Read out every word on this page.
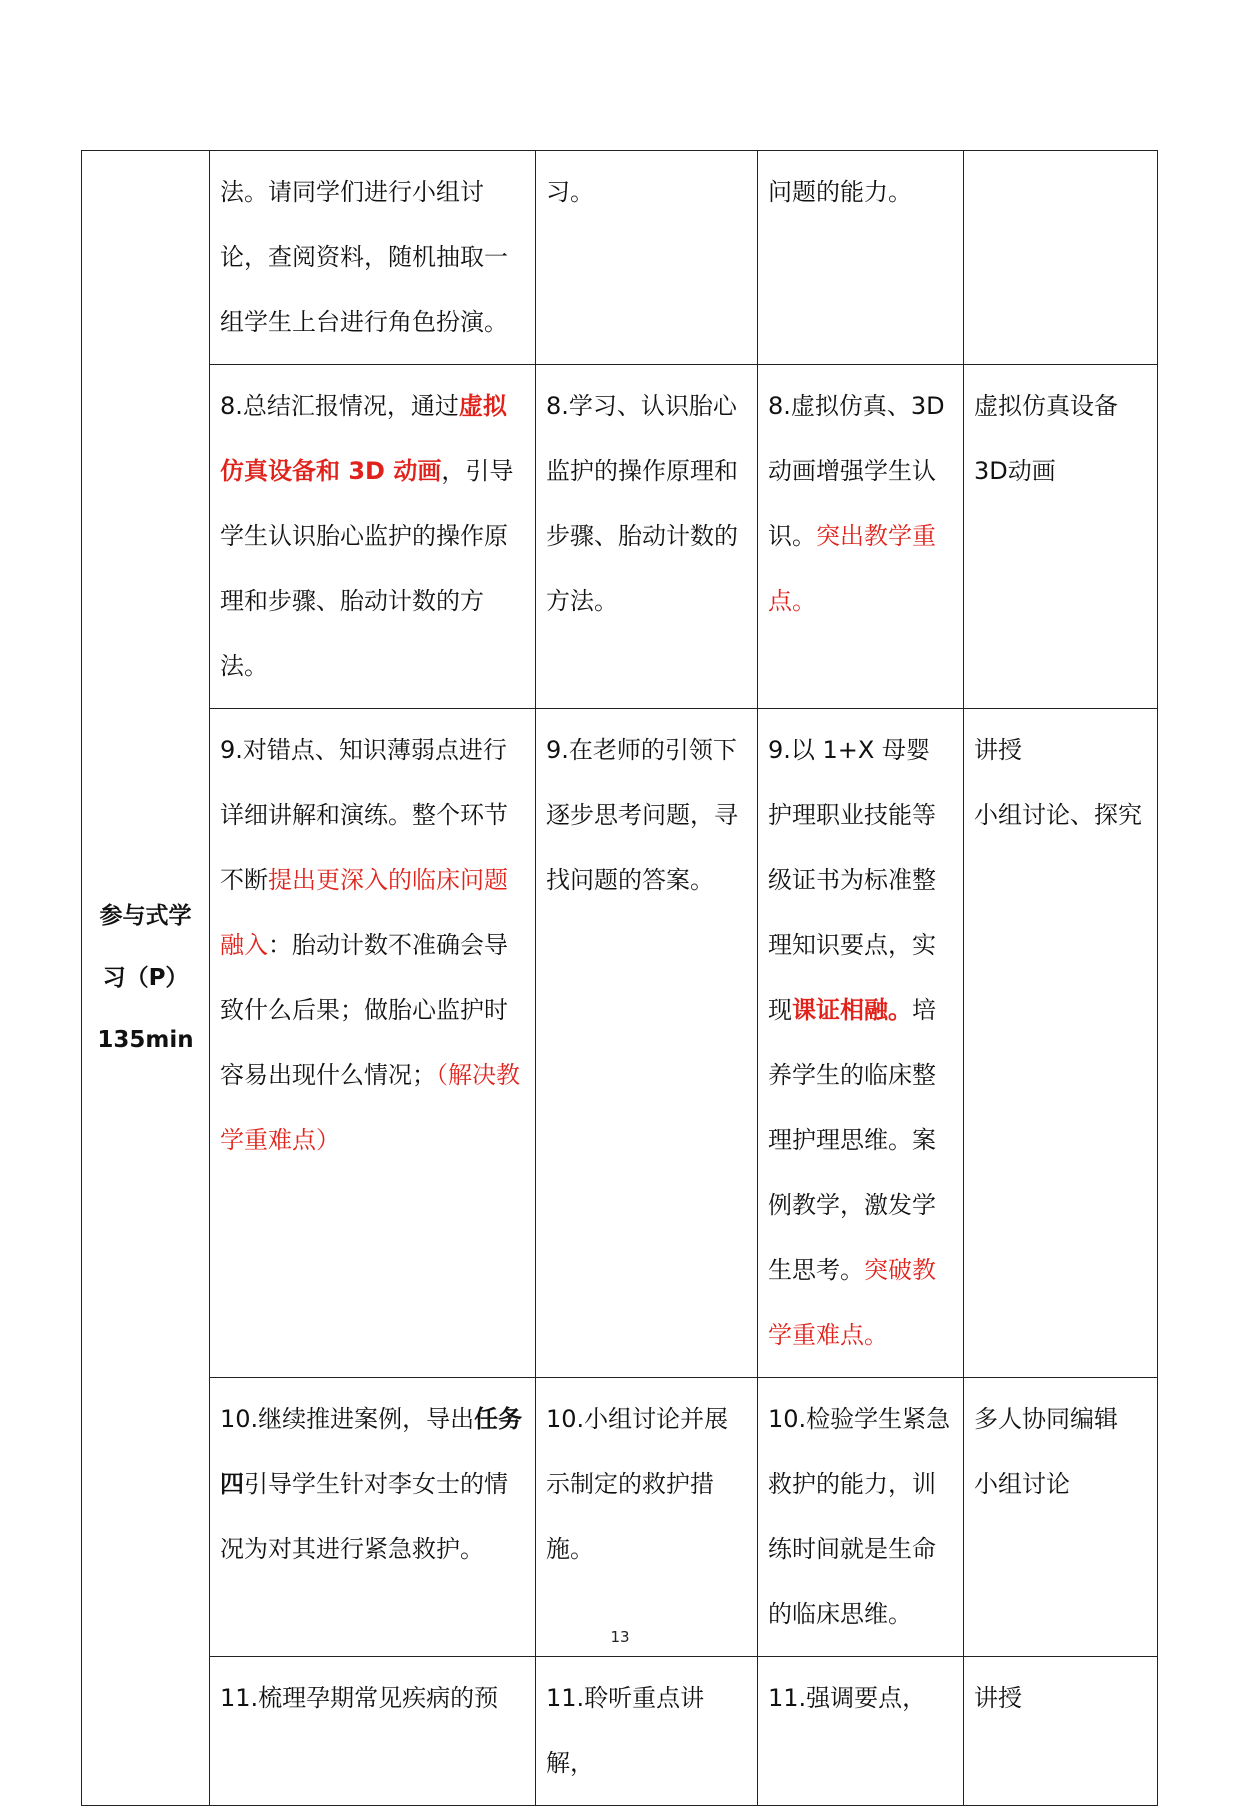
参与式学
习（P）
135min	法。请同学们进行小组讨论，查阅资料，随机抽取一组学生上台进行角色扮演。	习。	问题的能力。	
	8.总结汇报情况，通过虚拟仿真设备和 3D 动画，引导学生认识胎心监护的操作原理和步骤、胎动计数的方法。	8.学习、认识胎心监护的操作原理和步骤、胎动计数的方法。	8.虚拟仿真、3D 动画增强学生认识。突出教学重点。	虚拟仿真设备
3D动画

	9.对错点、知识薄弱点进行详细讲解和演练。整个环节不断提出更深入的临床问题融入：胎动计数不准确会导致什么后果；做胎心监护时容易出现什么情况；（解决教学重难点）	9.在老师的引领下逐步思考问题，寻找问题的答案。	9.以 1+X 母婴护理职业技能等级证书为标准整理知识要点，实现课证相融。培养学生的临床整理护理思维。案例教学，激发学生思考。突破教学重难点。	讲授
小组讨论、探究

	10.继续推进案例，导出任务四引导学生针对李女士的情况为对其进行紧急救护。	10.小组讨论并展示制定的救护措施。	10.检验学生紧急救护的能力，训练时间就是生命的临床思维。	多人协同编辑
小组讨论

	11.梳理孕期常见疾病的预	11.聆听重点讲解，	11.强调要点，	讲授
13
